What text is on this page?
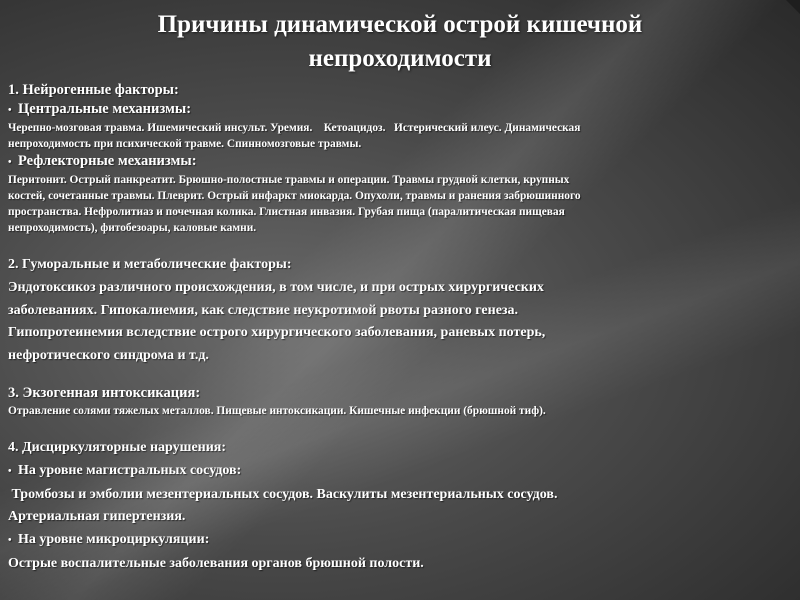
Причины динамической острой кишечной
непроходимости
1. Нейрогенные факторы:
• Центральные механизмы:
Черепно-мозговая травма. Ишемический инсульт. Уремия.    Кетоацидоз.   Истерический илеус. Динамическая
непроходимость при психической травме. Спинномозговые травмы.
• Рефлекторные механизмы:
Перитонит. Острый панкреатит. Брюшно-полостные травмы и операции. Травмы грудной клетки, крупных
костей, сочетанные травмы. Плеврит. Острый инфаркт миокарда. Опухоли, травмы и ранения забрюшинного
пространства. Нефролитиаз и почечная колика. Глистная инвазия. Грубая пища (паралитическая пищевая
непроходимость), фитобезоары, каловые камни.
2. Гуморальные и метаболические факторы:
Эндотоксикоз различного происхождения, в том числе, и при острых хирургических
заболеваниях. Гипокалиемия, как следствие неукротимой рвоты разного генеза.
Гипопротеинемия вследствие острого хирургического заболевания, раневых потерь,
нефротического синдрома и т.д.
3. Экзогенная интоксикация:
Отравление солями тяжелых металлов. Пищевые интоксикации. Кишечные инфекции (брюшной тиф).
4. Дисциркуляторные нарушения:
• На уровне магистральных сосудов:
Тромбозы и эмболии мезентериальных сосудов. Васкулиты мезентериальных сосудов.
Артериальная гипертензия.
• На уровне микроциркуляции:
Острые воспалительные заболевания органов брюшной полости.
